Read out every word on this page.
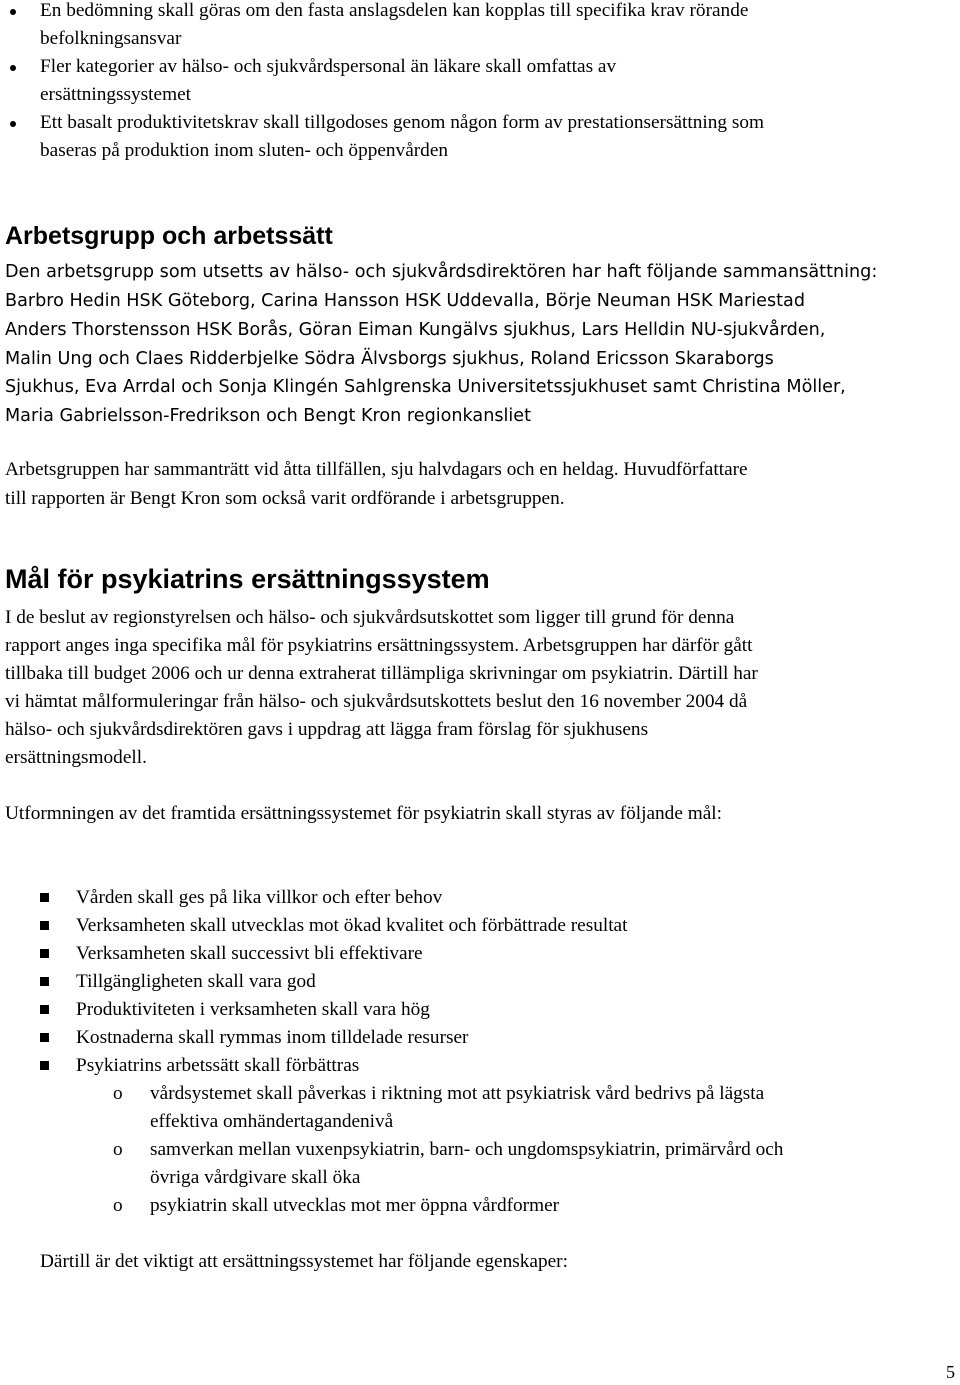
En bedömning skall göras om den fasta anslagsdelen kan kopplas till specifika krav rörande
befolkningsansvar
Fler kategorier av hälso- och sjukvårdspersonal än läkare skall omfattas av
ersättningssystemet
Ett basalt produktivitetskrav skall tillgodoses genom någon form av prestationsersättning som
baseras på produktion inom sluten- och öppenvården
Arbetsgrupp och arbetssätt
Den arbetsgrupp som utsetts av hälso- och sjukvårdsdirektören har haft följande sammansättning:
Barbro Hedin HSK Göteborg, Carina Hansson HSK Uddevalla, Börje Neuman HSK Mariestad
Anders Thorstensson HSK Borås, Göran Eiman Kungälvs sjukhus, Lars Helldin NU-sjukvården,
Malin Ung och Claes Ridderbjelke Södra Älvsborgs sjukhus, Roland Ericsson Skaraborgs
Sjukhus, Eva Arrdal och Sonja Klingén Sahlgrenska Universitetssjukhuset samt Christina Möller,
Maria Gabrielsson-Fredrikson och Bengt Kron regionkansliet
Arbetsgruppen har sammanträtt vid åtta tillfällen, sju halvdagars och en heldag. Huvudförfattare
till rapporten är Bengt Kron som också varit ordförande i arbetsgruppen.
Mål för psykiatrins ersättningssystem
I de beslut av regionstyrelsen och hälso- och sjukvårdsutskottet som ligger till grund för denna
rapport anges inga specifika mål för psykiatrins ersättningssystem. Arbetsgruppen har därför gått
tillbaka till budget 2006 och ur denna extraherat tillämpliga skrivningar om psykiatrin. Därtill har
vi hämtat målformuleringar från hälso- och sjukvårdsutskottets beslut den 16 november 2004 då
hälso- och sjukvårdsdirektören gavs i uppdrag att lägga fram förslag för sjukhusens
ersättningsmodell.
Utformningen av det framtida ersättningssystemet för psykiatrin skall styras av följande mål:
Vården skall ges på lika villkor och efter behov
Verksamheten skall utvecklas mot ökad kvalitet och förbättrade resultat
Verksamheten skall successivt bli effektivare
Tillgängligheten skall vara god
Produktiviteten i verksamheten skall vara hög
Kostnaderna skall rymmas inom tilldelade resurser
Psykiatrins arbetssätt skall förbättras
o vårdsystemet skall påverkas i riktning mot att psykiatrisk vård bedrivs på lägsta
effektiva omhändertagandenivå
o samverkan mellan vuxenpsykiatrin, barn- och ungdomspsykiatrin, primärvård och
övriga vårdgivare skall öka
o psykiatrin skall utvecklas mot mer öppna vårdformer
Därtill är det viktigt att ersättningssystemet har följande egenskaper:
5
